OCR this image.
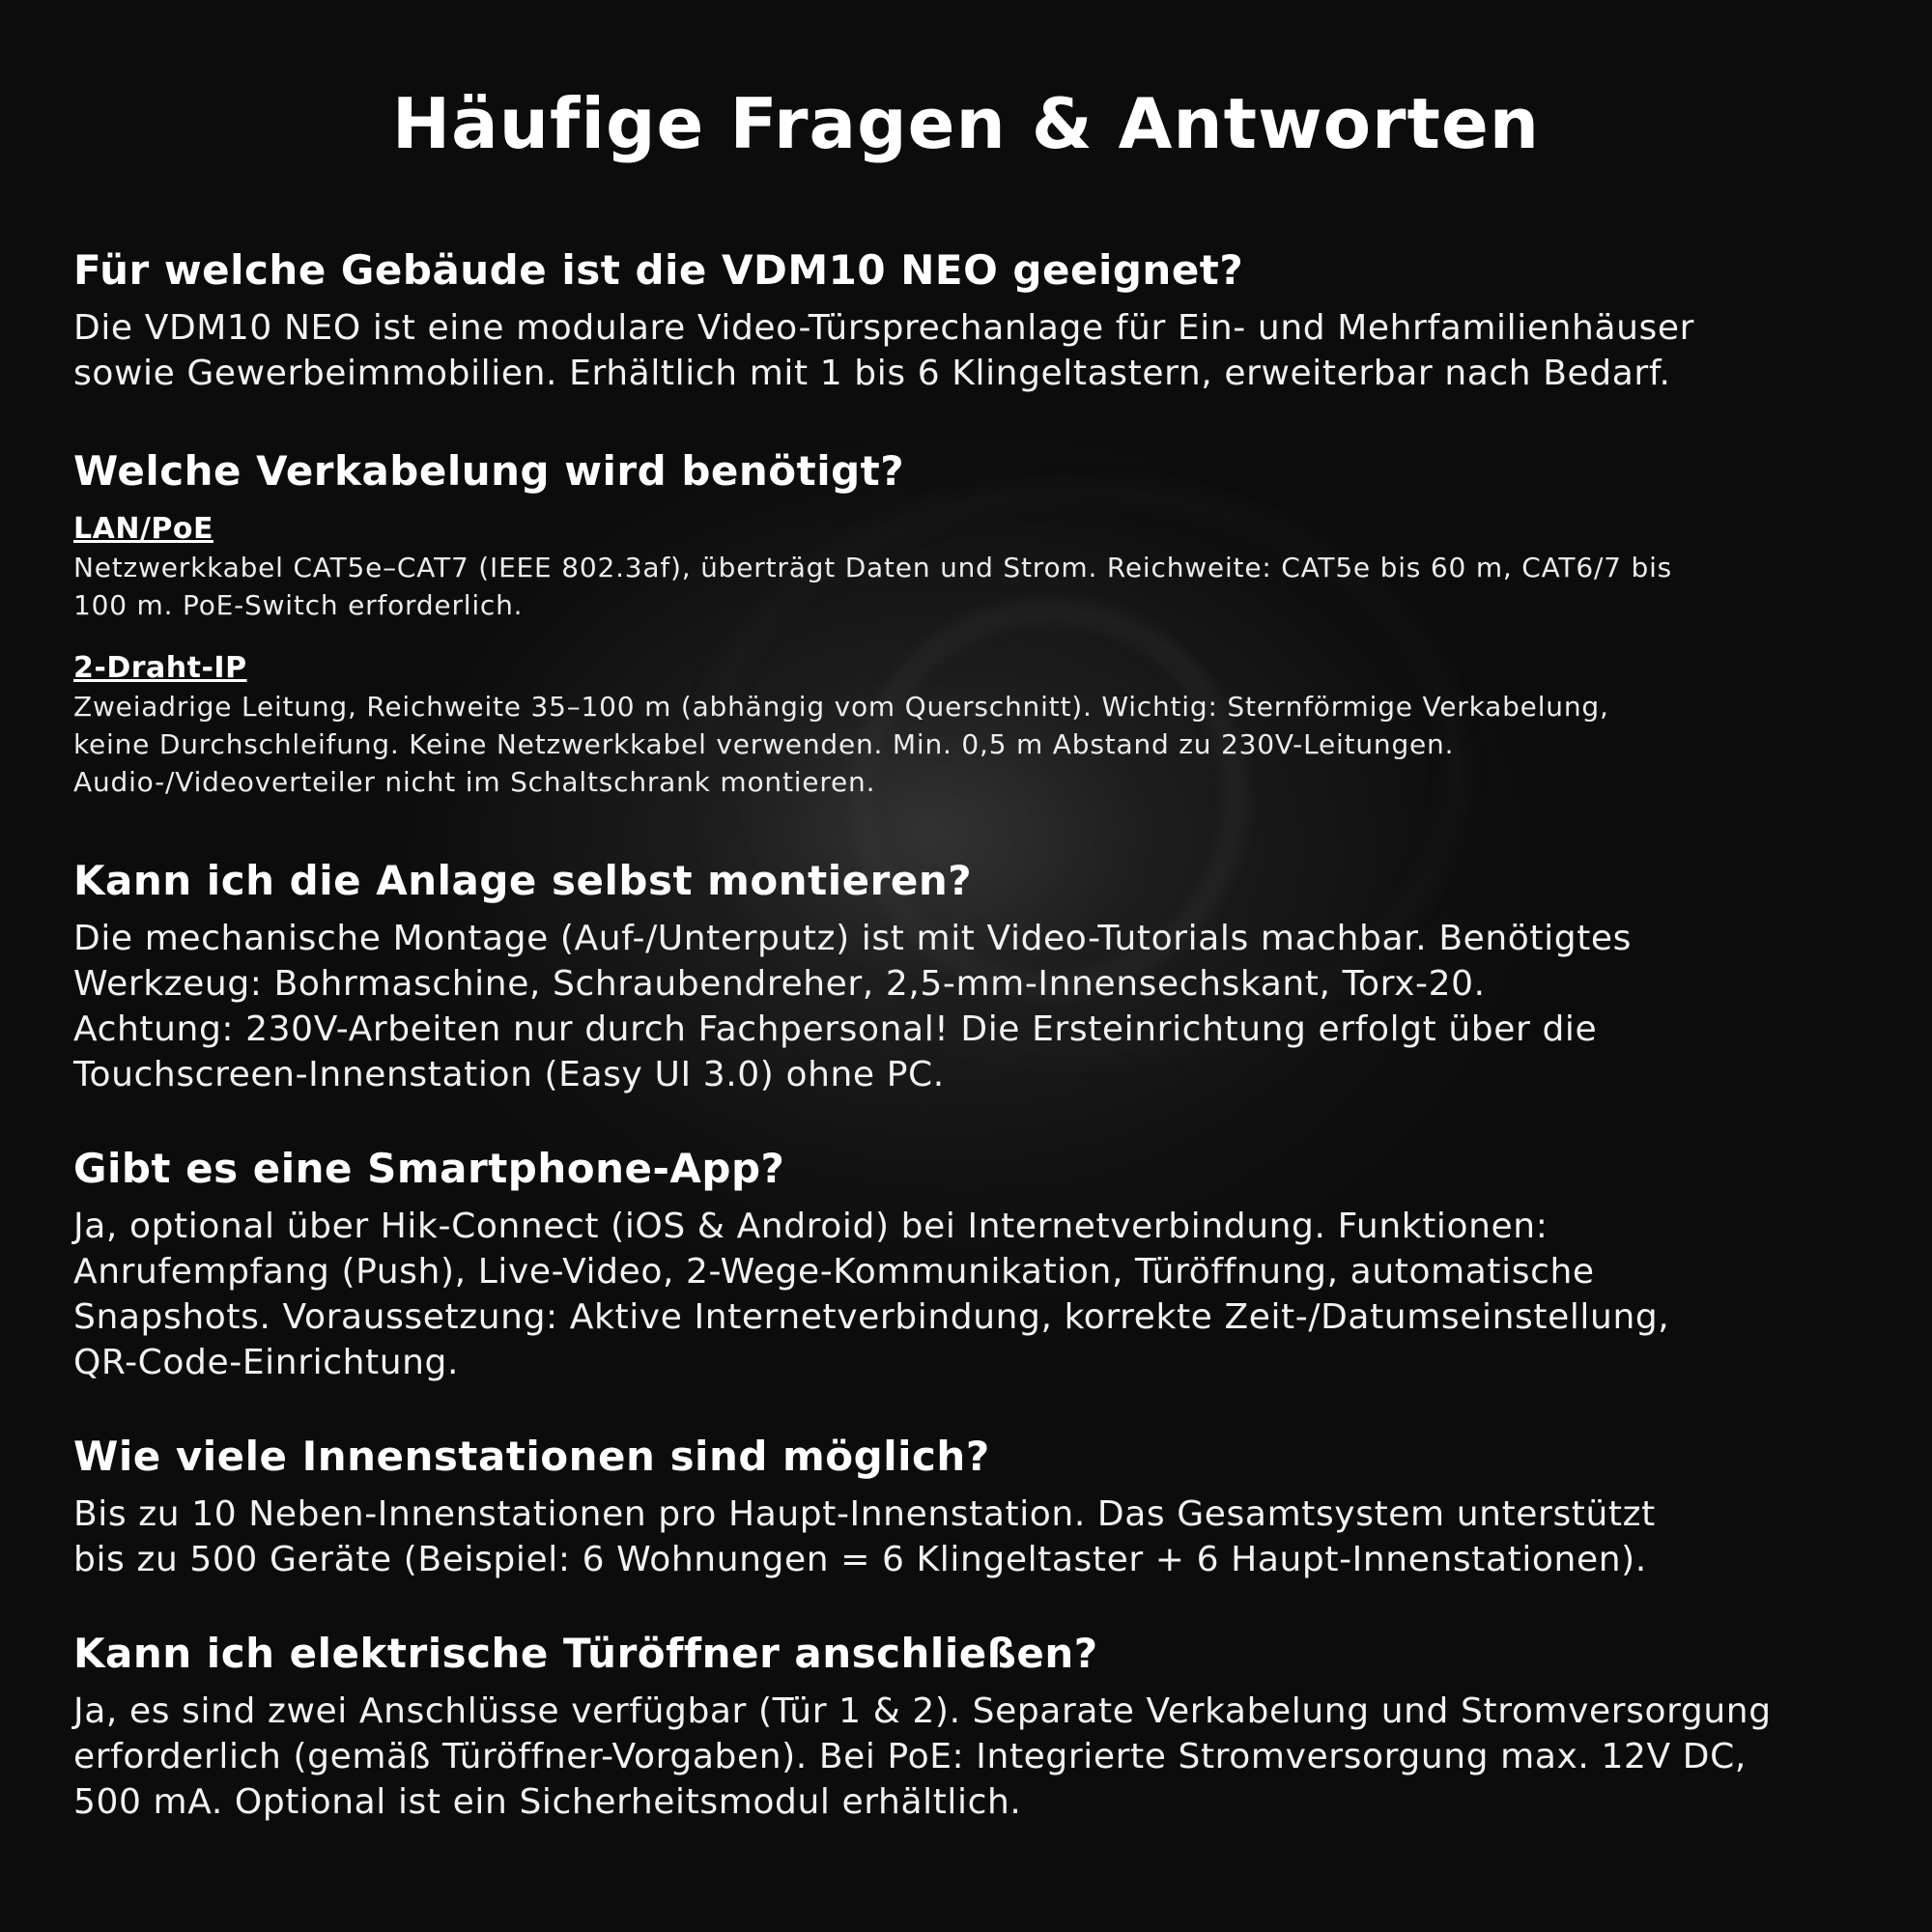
Häufige Fragen & Antworten
Für welche Gebäude ist die VDM10 NEO geeignet?
Die VDM10 NEO ist eine modulare Video-Türsprechanlage für Ein- und Mehrfamilienhäuser
sowie Gewerbeimmobilien. Erhältlich mit 1 bis 6 Klingeltastern, erweiterbar nach Bedarf.
Welche Verkabelung wird benötigt?
LAN/PoE
Netzwerkkabel CAT5e–CAT7 (IEEE 802.3af), überträgt Daten und Strom. Reichweite: CAT5e bis 60 m, CAT6/7 bis
100 m. PoE-Switch erforderlich.
2-Draht-IP
Zweiadrige Leitung, Reichweite 35–100 m (abhängig vom Querschnitt). Wichtig: Sternförmige Verkabelung,
keine Durchschleifung. Keine Netzwerkkabel verwenden. Min. 0,5 m Abstand zu 230V-Leitungen.
Audio-/Videoverteiler nicht im Schaltschrank montieren.
Kann ich die Anlage selbst montieren?
Die mechanische Montage (Auf-/Unterputz) ist mit Video-Tutorials machbar. Benötigtes
Werkzeug: Bohrmaschine, Schraubendreher, 2,5-mm-Innensechskant, Torx-20.
Achtung: 230V-Arbeiten nur durch Fachpersonal! Die Ersteinrichtung erfolgt über die
Touchscreen-Innenstation (Easy UI 3.0) ohne PC.
Gibt es eine Smartphone-App?
Ja, optional über Hik-Connect (iOS & Android) bei Internetverbindung. Funktionen:
Anrufempfang (Push), Live-Video, 2-Wege-Kommunikation, Türöffnung, automatische
Snapshots. Voraussetzung: Aktive Internetverbindung, korrekte Zeit-/Datumseinstellung,
QR-Code-Einrichtung.
Wie viele Innenstationen sind möglich?
Bis zu 10 Neben-Innenstationen pro Haupt-Innenstation. Das Gesamtsystem unterstützt
bis zu 500 Geräte (Beispiel: 6 Wohnungen = 6 Klingeltaster + 6 Haupt-Innenstationen).
Kann ich elektrische Türöffner anschließen?
Ja, es sind zwei Anschlüsse verfügbar (Tür 1 & 2). Separate Verkabelung und Stromversorgung
erforderlich (gemäß Türöffner-Vorgaben). Bei PoE: Integrierte Stromversorgung max. 12V DC,
500 mA. Optional ist ein Sicherheitsmodul erhältlich.
